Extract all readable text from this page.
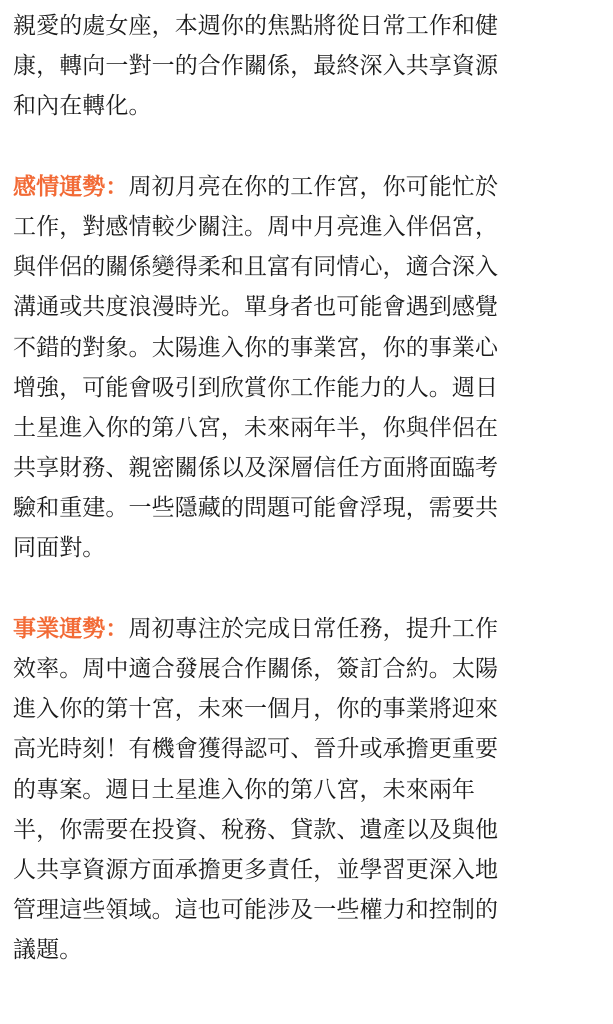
親愛的處女座，本週你的焦點將從日常工作和健
康，轉向一對一的合作關係，最終深入共享資源
和內在轉化。
感情運勢：周初月亮在你的工作宮，你可能忙於
工作，對感情較少關注。周中月亮進入伴侶宮，
與伴侶的關係變得柔和且富有同情心，適合深入
溝通或共度浪漫時光。單身者也可能會遇到感覺
不錯的對象。太陽進入你的事業宮，你的事業心
增強，可能會吸引到欣賞你工作能力的人。週日
土星進入你的第八宮，未來兩年半，你與伴侶在
共享財務、親密關係以及深層信任方面將面臨考
驗和重建。一些隱藏的問題可能會浮現，需要共
同面對。
事業運勢：周初專注於完成日常任務，提升工作
效率。周中適合發展合作關係，簽訂合約。太陽
進入你的第十宮，未來一個月，你的事業將迎來
高光時刻！有機會獲得認可、晉升或承擔更重要
的專案。週日土星進入你的第八宮，未來兩年
半，你需要在投資、稅務、貸款、遺產以及與他
人共享資源方面承擔更多責任，並學習更深入地
管理這些領域。這也可能涉及一些權力和控制的
議題。
